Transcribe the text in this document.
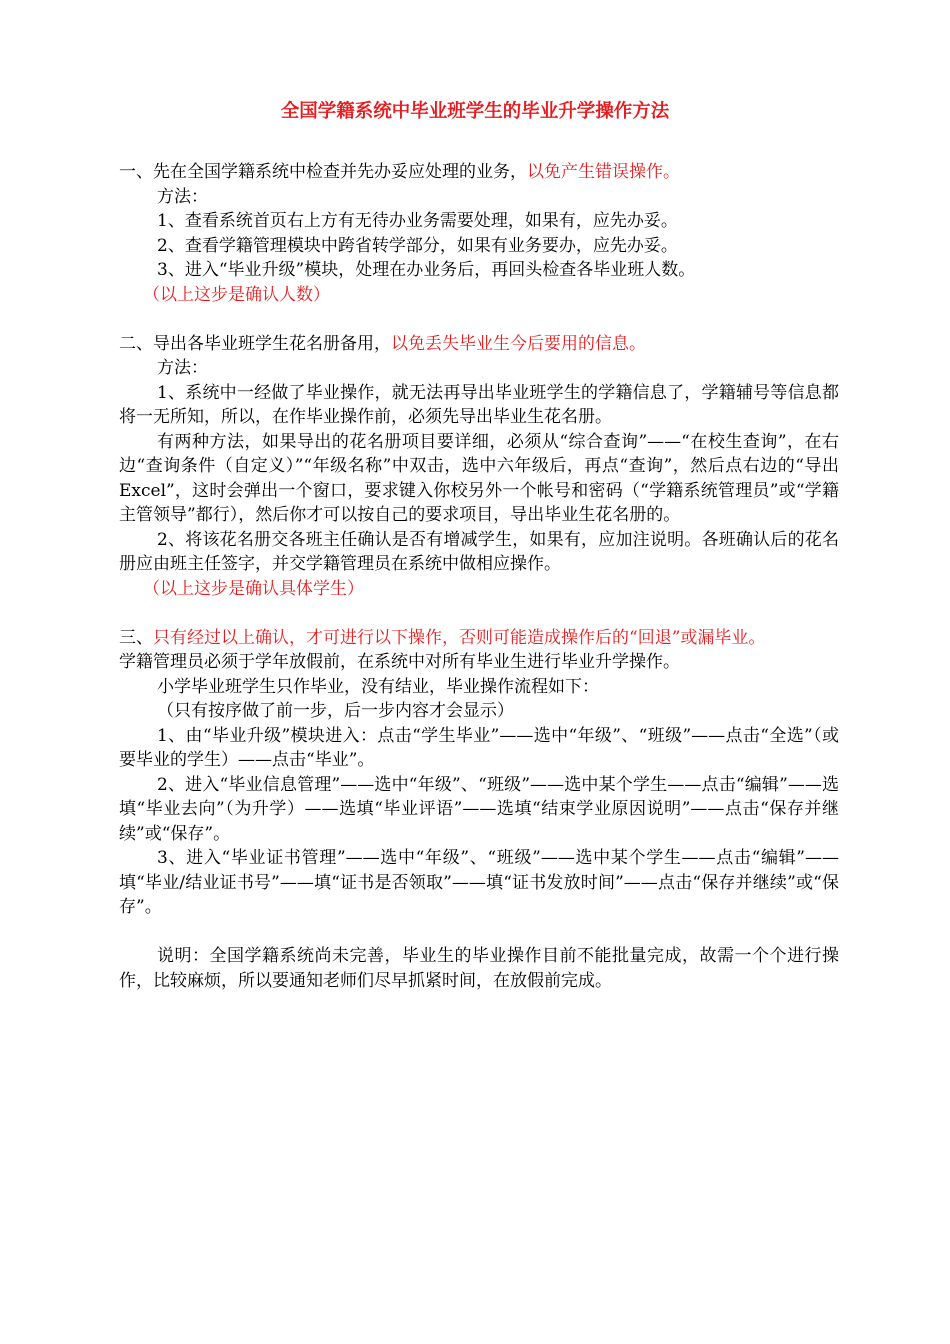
全国学籍系统中毕业班学生的毕业升学操作方法

一、先在全国学籍系统中检查并先办妥应处理的业务，以免产生错误操作。

方法：

1、查看系统首页右上方有无待办业务需要处理，如果有，应先办妥。

2、查看学籍管理模块中跨省转学部分，如果有业务要办，应先办妥。

3、进入“毕业升级”模块，处理在办业务后，再回头检查各毕业班人数。

（以上这步是确认人数）

二、导出各毕业班学生花名册备用，以免丢失毕业生今后要用的信息。

方法：

1、系统中一经做了毕业操作，就无法再导出毕业班学生的学籍信息了，学籍辅号等信息都将一无所知，所以，在作毕业操作前，必须先导出毕业生花名册。

有两种方法，如果导出的花名册项目要详细，必须从“综合查询”——“在校生查询”，在右边“查询条件（自定义）”“年级名称”中双击，选中六年级后，再点“查询”，然后点右边的“导出Excel”，这时会弹出一个窗口，要求键入你校另外一个帐号和密码（“学籍系统管理员”或“学籍主管领导”都行），然后你才可以按自己的要求项目，导出毕业生花名册的。

2、将该花名册交各班主任确认是否有增减学生，如果有，应加注说明。各班确认后的花名册应由班主任签字，并交学籍管理员在系统中做相应操作。

（以上这步是确认具体学生）

三、只有经过以上确认，才可进行以下操作，否则可能造成操作后的“回退”或漏毕业。

学籍管理员必须于学年放假前，在系统中对所有毕业生进行毕业升学操作。

小学毕业班学生只作毕业，没有结业，毕业操作流程如下：

（只有按序做了前一步，后一步内容才会显示）

1、由“毕业升级”模块进入：点击“学生毕业”——选中“年级”、“班级”——点击“全选”（或要毕业的学生）——点击“毕业”。

2、进入“毕业信息管理”——选中“年级”、“班级”——选中某个学生——点击“编辑”——选填“毕业去向”（为升学）——选填“毕业评语”——选填“结束学业原因说明”——点击“保存并继续”或“保存”。

3、进入“毕业证书管理”——选中“年级”、“班级”——选中某个学生——点击“编辑”——填“毕业/结业证书号”——填“证书是否领取”——填“证书发放时间”——点击“保存并继续”或“保存”。

说明：全国学籍系统尚未完善，毕业生的毕业操作目前不能批量完成，故需一个个进行操作，比较麻烦，所以要通知老师们尽早抓紧时间，在放假前完成。
